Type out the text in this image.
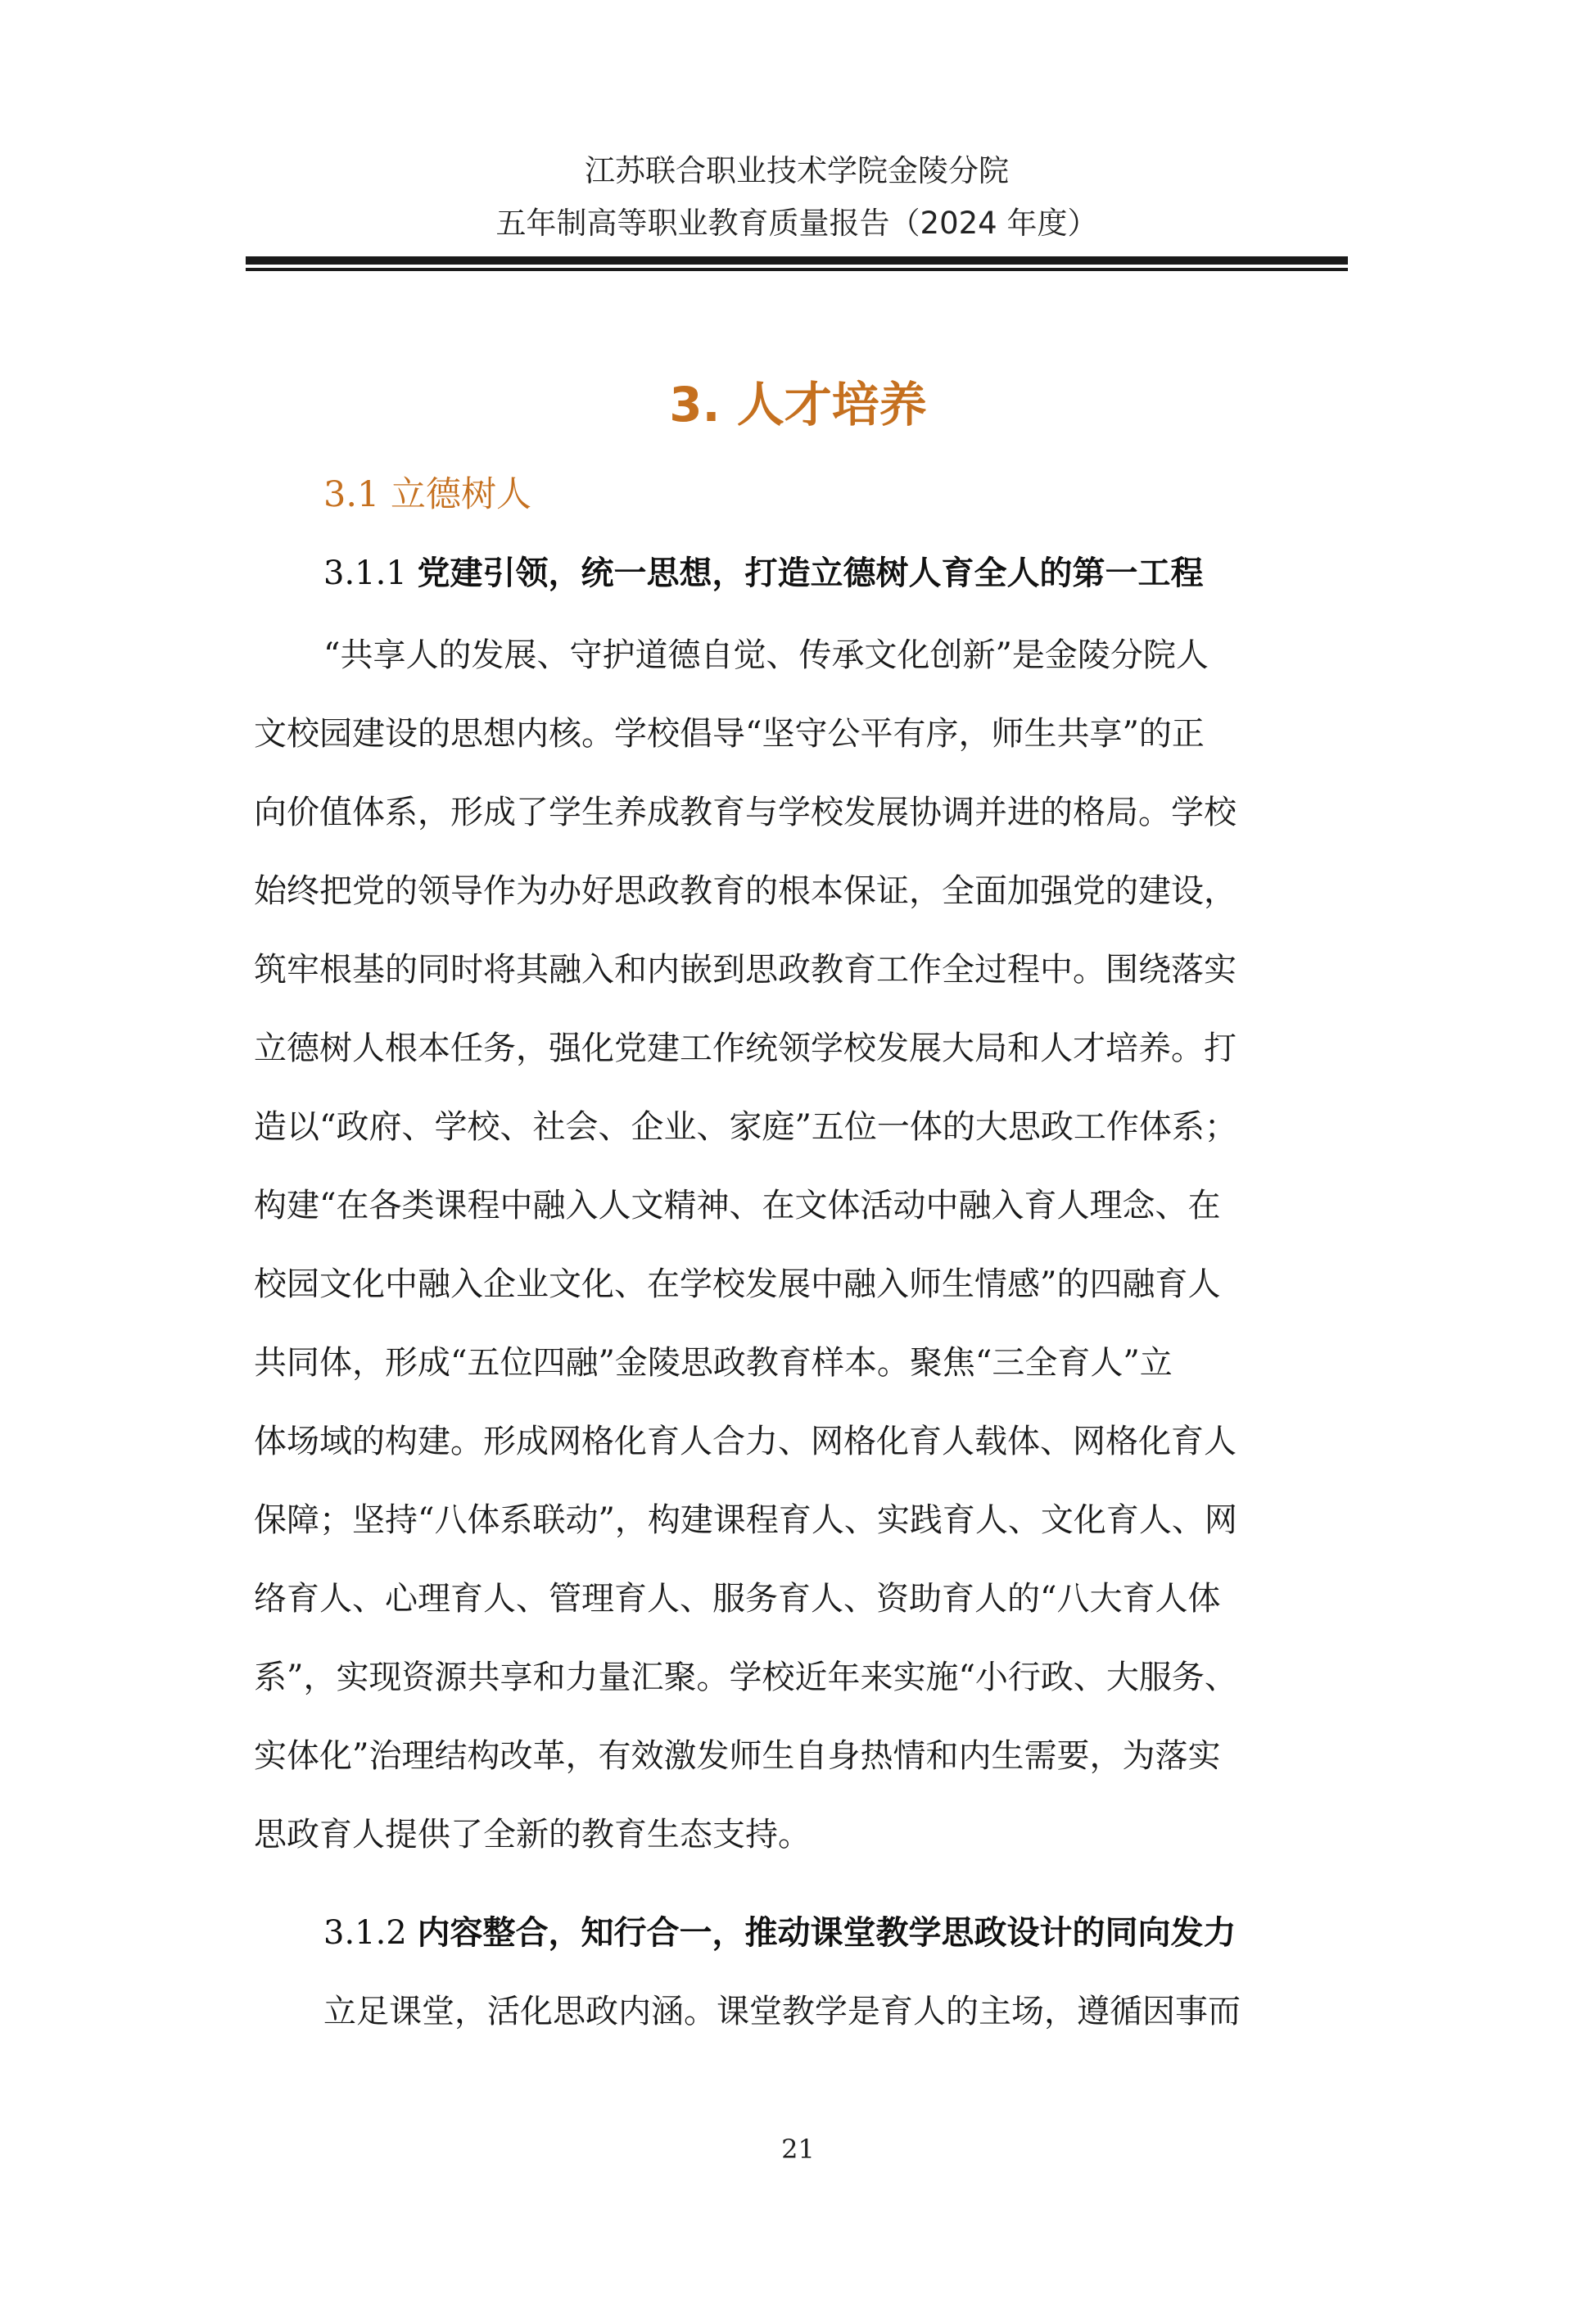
江苏联合职业技术学院金陵分院
五年制高等职业教育质量报告（2024 年度）
3. 人才培养
3.1 立德树人
3.1.1 党建引领，统一思想，打造立德树人育全人的第一工程
“共享人的发展、守护道德自觉、传承文化创新”是金陵分院人
文校园建设的思想内核。学校倡导“坚守公平有序，师生共享”的正
向价值体系，形成了学生养成教育与学校发展协调并进的格局。学校
始终把党的领导作为办好思政教育的根本保证，全面加强党的建设，
筑牢根基的同时将其融入和内嵌到思政教育工作全过程中。围绕落实
立德树人根本任务，强化党建工作统领学校发展大局和人才培养。打
造以“政府、学校、社会、企业、家庭”五位一体的大思政工作体系；
构建“在各类课程中融入人文精神、在文体活动中融入育人理念、在
校园文化中融入企业文化、在学校发展中融入师生情感”的四融育人
共同体，形成“五位四融”金陵思政教育样本。聚焦“三全育人”立
体场域的构建。形成网格化育人合力、网格化育人载体、网格化育人
保障；坚持“八体系联动”，构建课程育人、实践育人、文化育人、网
络育人、心理育人、管理育人、服务育人、资助育人的“八大育人体
系”，实现资源共享和力量汇聚。学校近年来实施“小行政、大服务、
实体化”治理结构改革，有效激发师生自身热情和内生需要，为落实
思政育人提供了全新的教育生态支持。
3.1.2 内容整合，知行合一，推动课堂教学思政设计的同向发力
立足课堂，活化思政内涵。课堂教学是育人的主场，遵循因事而
21
